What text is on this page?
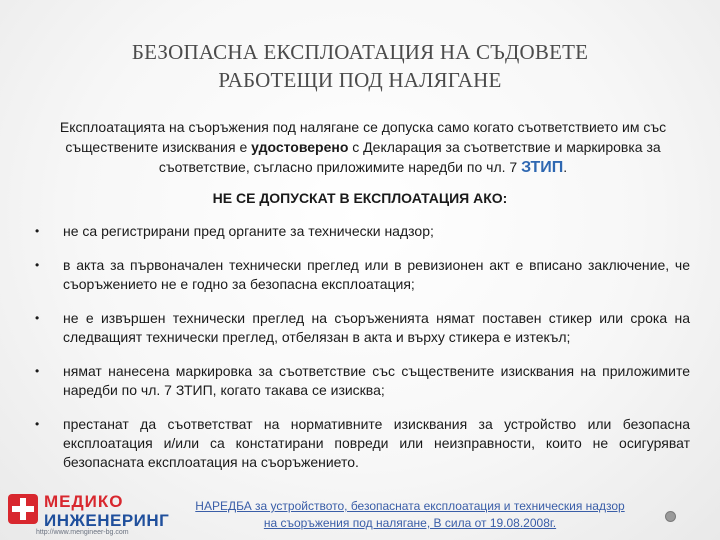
БЕЗОПАСНА ЕКСПЛОАТАЦИЯ НА СЪДОВЕТЕ
РАБОТЕЩИ ПОД НАЛЯГАНЕ
Експлоатацията на съоръжения под налягане се допуска само когато съответствието им със съществените изисквания е удостоверено с Декларация за съответствие и маркировка за съответствие, съгласно приложимите наредби по чл. 7 ЗТИП.
НЕ СЕ ДОПУСКАТ В ЕКСПЛОАТАЦИЯ АКО:
•	не са регистрирани пред органите за технически надзор;
•	в акта за първоначален технически преглед или в ревизионен акт е вписано заключение, че съоръжението не е годно за безопасна експлоатация;
•	не е извършен технически преглед на съоръженията нямат поставен стикер или срока на следващият технически преглед, отбелязан в акта и върху стикера е изтекъл;
•	нямат нанесена маркировка за съответствие със съществените изисквания на приложимите наредби по чл. 7 ЗТИП, когато такава се изисква;
•	престанат да съответстват на нормативните изисквания за устройство или безопасна експлоатация и/или са констатирани повреди или неизправности, които не осигуряват безопасната експлоатация на съоръжението.
МЕДИКО
ИНЖЕНЕРИНГ
http://www.mengineer-bg.com
НАРЕДБА за устройството, безопасната експлоатация и техническия надзор
на съоръжения под налягане, В сила от 19.08.2008г.
